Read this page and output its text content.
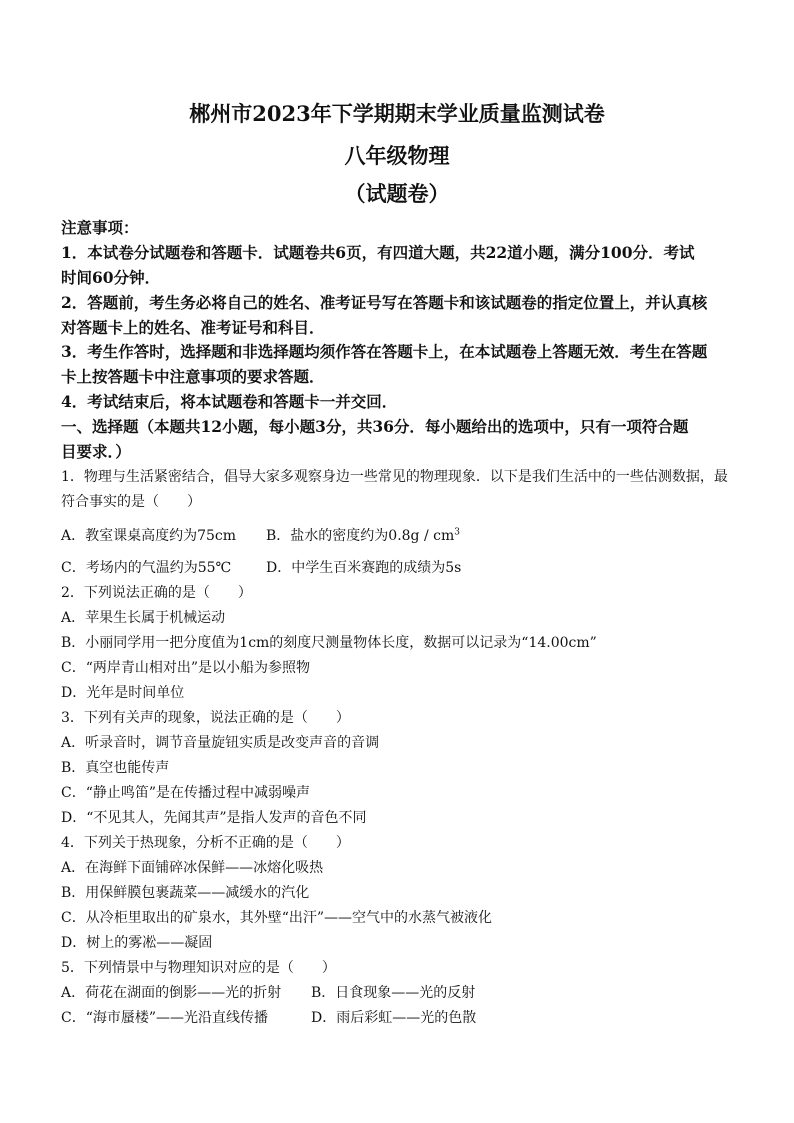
郴州市2023年下学期期末学业质量监测试卷
八年级物理
（试题卷）
注意事项：
1．本试卷分试题卷和答题卡．试题卷共6页，有四道大题，共22道小题，满分100分．考试
时间60分钟．
2．答题前，考生务必将自己的姓名、准考证号写在答题卡和该试题卷的指定位置上，并认真核
对答题卡上的姓名、准考证号和科目．
3．考生作答时，选择题和非选择题均须作答在答题卡上，在本试题卷上答题无效．考生在答题
卡上按答题卡中注意事项的要求答题．
4．考试结束后，将本试题卷和答题卡一并交回．
一、选择题（本题共12小题，每小题3分，共36分．每小题给出的选项中，只有一项符合题
目要求．）
1．物理与生活紧密结合，倡导大家多观察身边一些常见的物理现象．以下是我们生活中的一些估测数据，最
符合事实的是（　　）
A．教室课桌高度约为75cm B．盐水的密度约为$0.8g / cm^3$
C．考场内的气温约为55℃ D．中学生百米赛跑的成绩为5s
2．下列说法正确的是（　　）
A．苹果生长属于机械运动
B．小丽同学用一把分度值为1cm的刻度尺测量物体长度，数据可以记录为“14.00cm”
C．“两岸青山相对出”是以小船为参照物
D．光年是时间单位
3．下列有关声的现象，说法正确的是（　　）
A．听录音时，调节音量旋钮实质是改变声音的音调
B．真空也能传声
C．“静止鸣笛”是在传播过程中减弱噪声
D．“不见其人，先闻其声”是指人发声的音色不同
4．下列关于热现象，分析不正确的是（　　）
A．在海鲜下面铺碎冰保鲜——冰熔化吸热
B．用保鲜膜包裹蔬菜——减缓水的汽化
C．从冷柜里取出的矿泉水，其外壁“出汗”——空气中的水蒸气被液化
D．树上的雾凇——凝固
5．下列情景中与物理知识对应的是（　　）
A．荷花在湖面的倒影——光的折射 B．日食现象——光的反射
C．“海市蜃楼”——光沿直线传播	D．雨后彩虹——光的色散
